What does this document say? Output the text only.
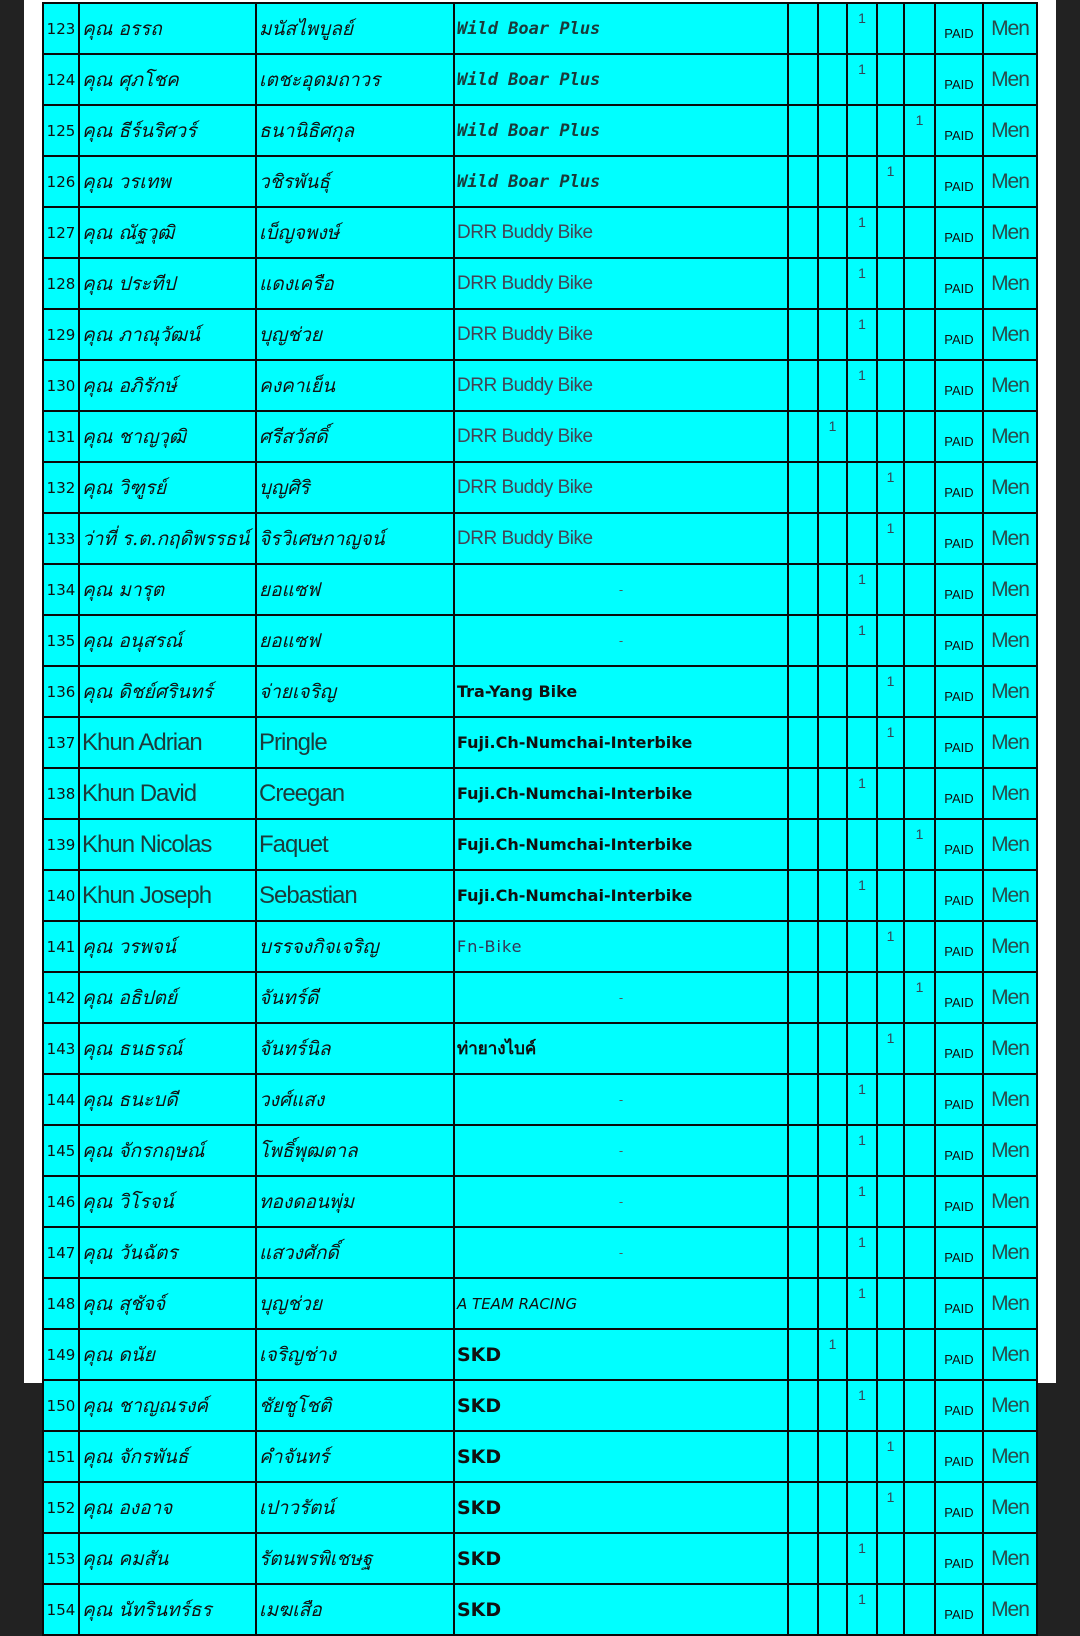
123	คุณ อรรถ	มนัสไพบูลย์	Wild Boar Plus			1			PAID	Men
124	คุณ ศุภโชค	เตชะอุดมถาวร	Wild Boar Plus			1			PAID	Men
125	คุณ ธีร์นริศวร์	ธนานิธิศกุล	Wild Boar Plus					1	PAID	Men
126	คุณ วรเทพ	วชิรพันธุ์	Wild Boar Plus				1		PAID	Men
127	คุณ ณัฐวุฒิ	เบ็ญจพงษ์	DRR Buddy Bike			1			PAID	Men
128	คุณ ประทีป	แดงเครือ	DRR Buddy Bike			1			PAID	Men
129	คุณ ภาณุวัฒน์	บุญช่วย	DRR Buddy Bike			1			PAID	Men
130	คุณ อภิรักษ์	คงคาเย็น	DRR Buddy Bike			1			PAID	Men
131	คุณ ชาญวุฒิ	ศรีสวัสดิ์	DRR Buddy Bike		1				PAID	Men
132	คุณ วิฑูรย์	บุญศิริ	DRR Buddy Bike				1		PAID	Men
133	ว่าที่ ร.ต.กฤดิพรรธน์	จิรวิเศษกาญจน์	DRR Buddy Bike				1		PAID	Men
134	คุณ มารุต	ยอแซฟ	-			1			PAID	Men
135	คุณ อนุสรณ์	ยอแซฟ	-			1			PAID	Men
136	คุณ ดิชย์ศรินทร์	จ่ายเจริญ	Tra-Yang Bike				1		PAID	Men
137	Khun Adrian	Pringle	Fuji.Ch-Numchai-Interbike				1		PAID	Men
138	Khun David	Creegan	Fuji.Ch-Numchai-Interbike			1			PAID	Men
139	Khun Nicolas	Faquet	Fuji.Ch-Numchai-Interbike					1	PAID	Men
140	Khun Joseph	Sebastian	Fuji.Ch-Numchai-Interbike			1			PAID	Men
141	คุณ วรพจน์	บรรจงกิจเจริญ	Fn-Bike				1		PAID	Men
142	คุณ อธิปตย์	จันทร์ดี	-					1	PAID	Men
143	คุณ ธนธรณ์	จันทร์นิล	ท่ายางไบค์				1		PAID	Men
144	คุณ ธนะบดี	วงศ์แสง	-			1			PAID	Men
145	คุณ จักรกฤษณ์	โพธิ์พุฒตาล	-			1			PAID	Men
146	คุณ วิโรจน์	ทองดอนพุ่ม	-			1			PAID	Men
147	คุณ วันฉัตร	แสวงศักดิ์	-			1			PAID	Men
148	คุณ สุชัจจ์	บุญช่วย	A TEAM RACING			1			PAID	Men
149	คุณ ดนัย	เจริญช่าง	SKD		1				PAID	Men
150	คุณ ชาญณรงค์	ชัยชูโชติ	SKD			1			PAID	Men
151	คุณ จักรพันธ์	คำจันทร์	SKD				1		PAID	Men
152	คุณ องอาจ	เปาวรัตน์	SKD				1		PAID	Men
153	คุณ คมสัน	รัตนพรพิเชษฐ	SKD			1			PAID	Men
154	คุณ นัทรินทร์ธร	เมฆเสือ	SKD			1			PAID	Men
